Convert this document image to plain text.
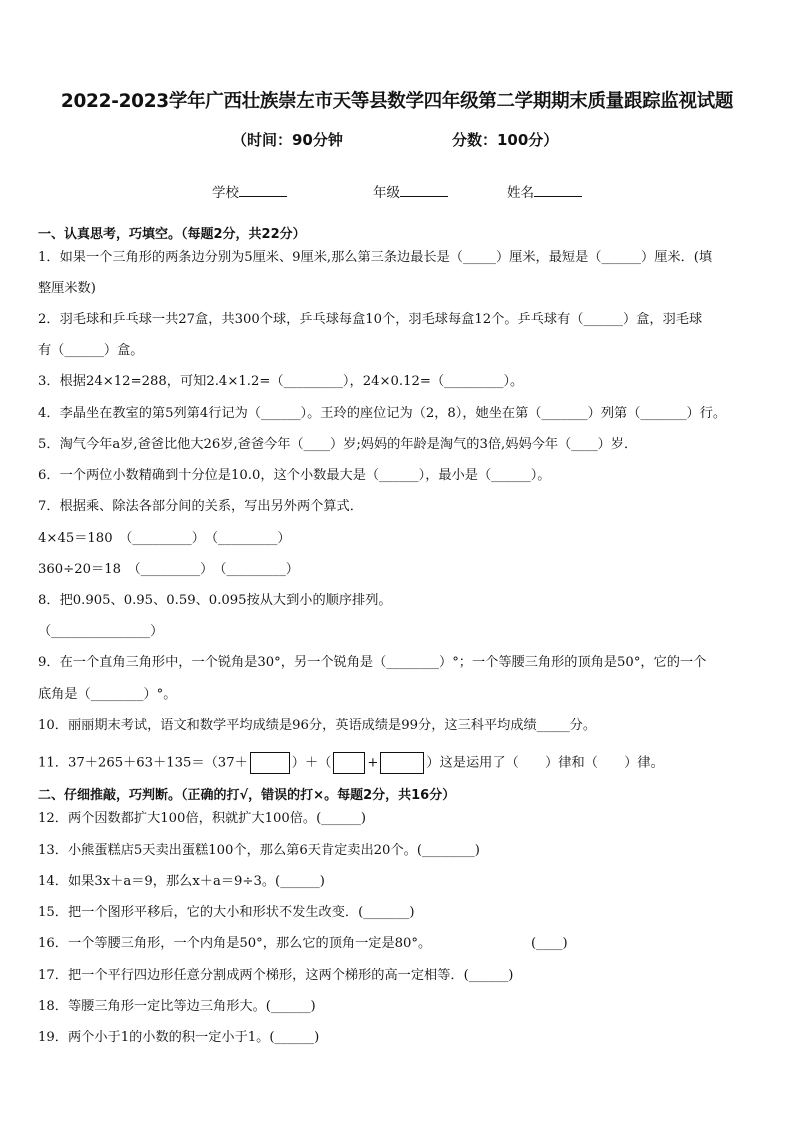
2022-2023学年广西壮族崇左市天等县数学四年级第二学期期末质量跟踪监视试题
（时间：90分钟	分数：100分）
学校	年级	姓名
一、认真思考，巧填空。（每题2分，共22分）
1．如果一个三角形的两条边分别为5厘米、9厘米,那么第三条边最长是（_____）厘米，最短是（______）厘米．(填
整厘米数)
2．羽毛球和乒乓球一共27盒，共300个球，乒乓球每盒10个，羽毛球每盒12个。乒乓球有（______）盒，羽毛球
有（______）盒。
3．根据24×12=288，可知2.4×1.2=（_________），24×0.12=（_________）。
4．李晶坐在教室的第5列第4行记为（______）。王玲的座位记为（2，8），她坐在第（_______）列第（_______）行。
5．淘气今年a岁,爸爸比他大26岁,爸爸今年（____）岁;妈妈的年龄是淘气的3倍,妈妈今年（____）岁．
6．一个两位小数精确到十分位是10.0，这个小数最大是（______），最小是（______）。
7．根据乘、除法各部分间的关系，写出另外两个算式．
4×45＝180　（_________）　（_________）
360÷20＝18　（_________）　（_________）
8．把0.905、0.95、0.59、0.095按从大到小的顺序排列。
（_______________）
9．在一个直角三角形中，一个锐角是30°，另一个锐角是（________）°；一个等腰三角形的顶角是50°，它的一个
底角是（________）°。
10．丽丽期末考试，语文和数学平均成绩是96分，英语成绩是99分，这三科平均成绩_____分。
11．37＋265＋63＋135＝（37＋	）＋（	+	）这是运用了（　　）律和（　　）律。
二、仔细推敲，巧判断。（正确的打√，错误的打×。每题2分，共16分）
12．两个因数都扩大100倍，积就扩大100倍。(______)
13．小熊蛋糕店5天卖出蛋糕100个，那么第6天肯定卖出20个。(________)
14．如果3x＋a＝9，那么x＋a＝9÷3。(______)
15．把一个图形平移后，它的大小和形状不发生改变．(_______)
16．一个等腰三角形，一个内角是50°，那么它的顶角一定是80°。	(____)
17．把一个平行四边形任意分割成两个梯形，这两个梯形的高一定相等．(______)
18．等腰三角形一定比等边三角形大。(______)
19．两个小于1的小数的积一定小于1。(______)
